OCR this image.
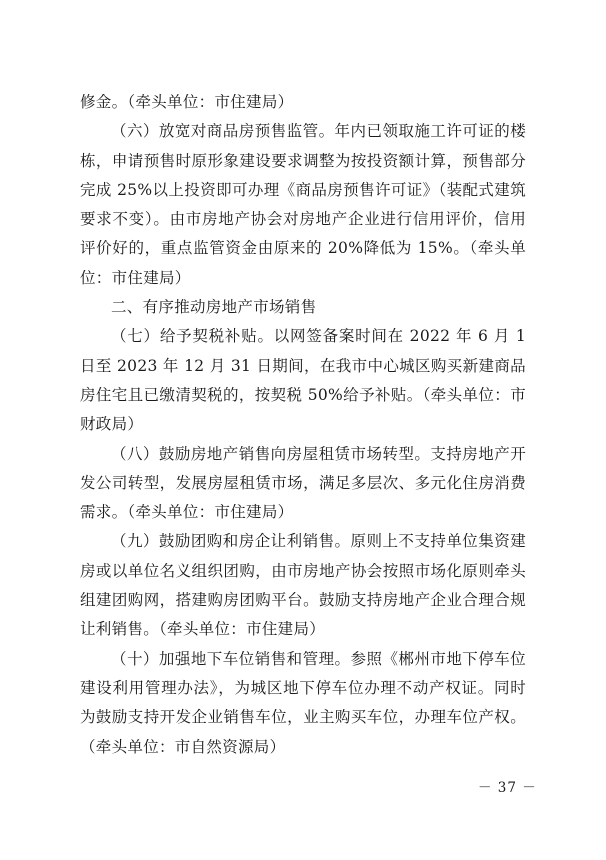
修金。（牵头单位：市住建局）

（六）放宽对商品房预售监管。年内已领取施工许可证的楼栋，申请预售时原形象建设要求调整为按投资额计算，预售部分完成 25%以上投资即可办理《商品房预售许可证》（装配式建筑要求不变）。由市房地产协会对房地产企业进行信用评价，信用评价好的，重点监管资金由原来的 20%降低为 15%。（牵头单位：市住建局）

二、有序推动房地产市场销售

（七）给予契税补贴。以网签备案时间在 2022 年 6 月 1 日至 2023 年 12 月 31 日期间，在我市中心城区购买新建商品房住宅且已缴清契税的，按契税 50%给予补贴。（牵头单位：市财政局）

（八）鼓励房地产销售向房屋租赁市场转型。支持房地产开发公司转型，发展房屋租赁市场，满足多层次、多元化住房消费需求。（牵头单位：市住建局）

（九）鼓励团购和房企让利销售。原则上不支持单位集资建房或以单位名义组织团购，由市房地产协会按照市场化原则牵头组建团购网，搭建购房团购平台。鼓励支持房地产企业合理合规让利销售。（牵头单位：市住建局）

（十）加强地下车位销售和管理。参照《郴州市地下停车位建设利用管理办法》，为城区地下停车位办理不动产权证。同时为鼓励支持开发企业销售车位，业主购买车位，办理车位产权。（牵头单位：市自然资源局）

－ 37 －
